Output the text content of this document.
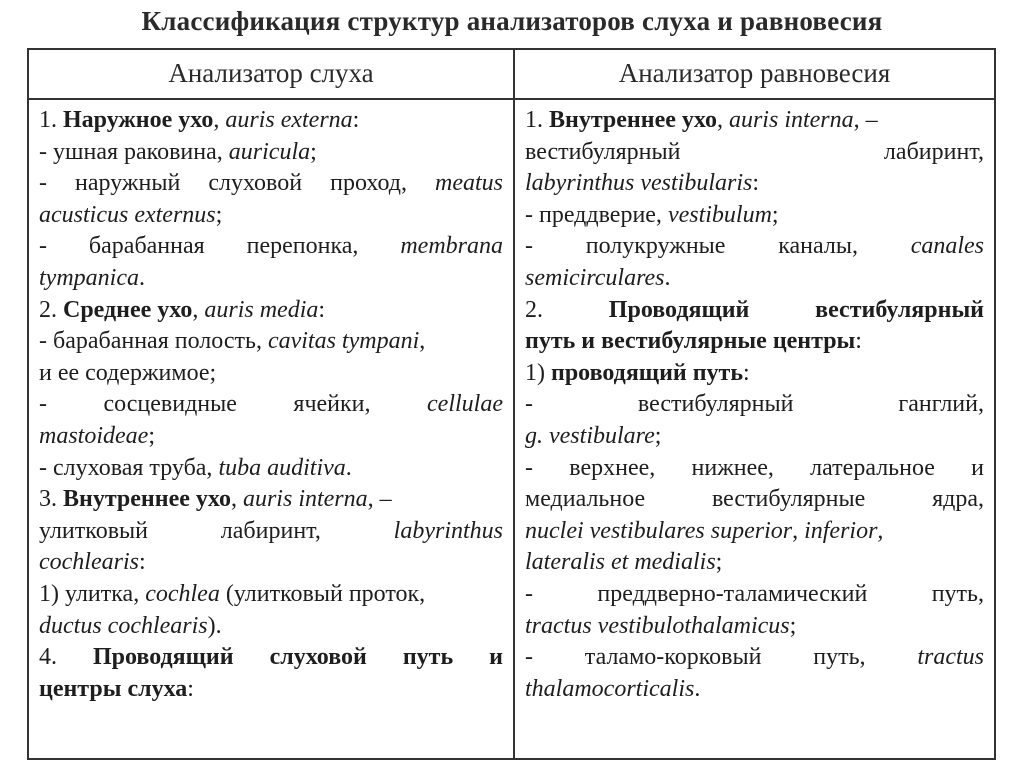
Классификация структур анализаторов слуха и равновесия
Анализатор слуха	Анализатор равновесия
1. Наружное ухо, auris externa:
- ушная раковина, auricula;
- наружный слуховой проход, meatus
acusticus externus;
- барабанная перепонка, membrana
tympanica.
2. Среднее ухо, auris media:
- барабанная полость, cavitas tympani,
и ее содержимое;
- сосцевидные ячейки, cellulae
mastoideae;
- слуховая труба, tuba auditiva.
3. Внутреннее ухо, auris interna, –
улитковый лабиринт, labyrinthus
cochlearis:
1) улитка, cochlea (улитковый проток,
ductus cochlearis).
4. Проводящий слуховой путь и
центры слуха:
1. Внутреннее ухо, auris interna, –
вестибулярный лабиринт,
labyrinthus vestibularis:
- преддверие, vestibulum;
- полукружные каналы, canales
semicirculares.
2. Проводящий вестибулярный
путь и вестибулярные центры:
1) проводящий путь:
- вестибулярный ганглий,
g. vestibulare;
- верхнее, нижнее, латеральное и
медиальное вестибулярные ядра,
nuclei vestibulares superior, inferior,
lateralis et medialis;
- преддверно-таламический путь,
tractus vestibulothalamicus;
- таламо-корковый путь, tractus
thalamocorticalis.
